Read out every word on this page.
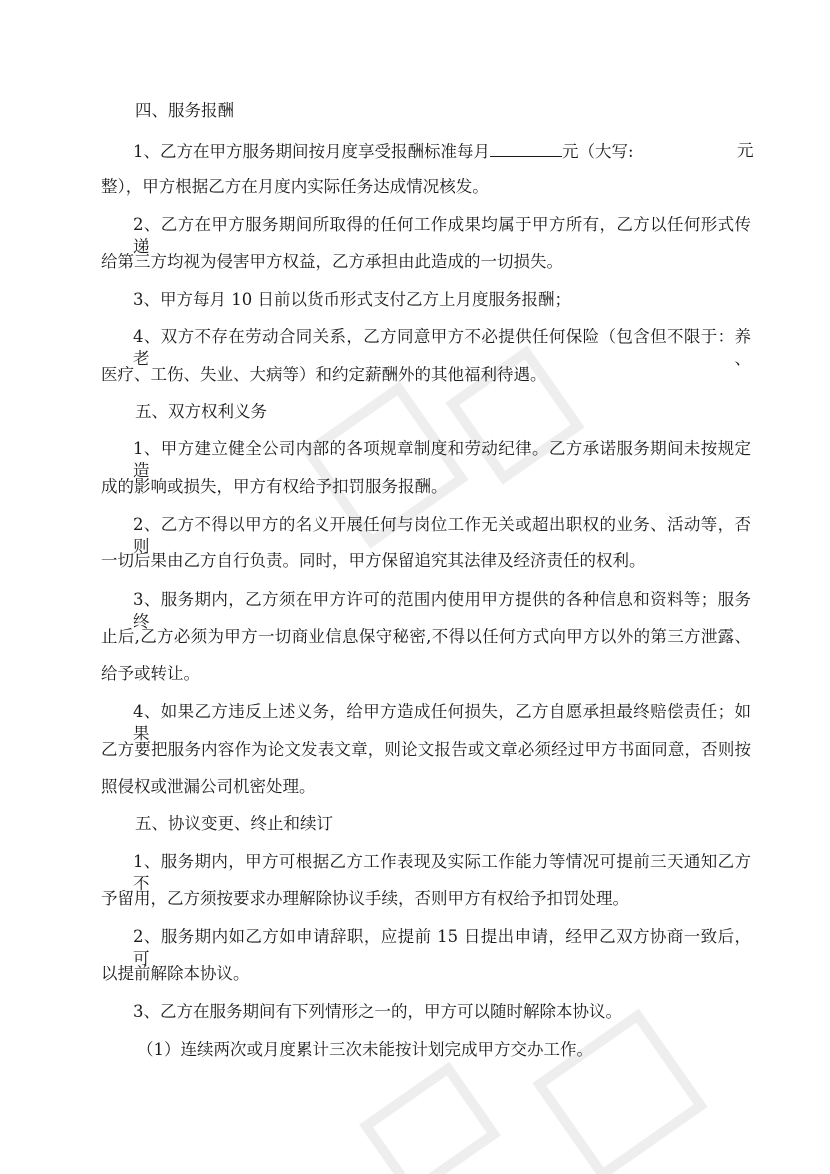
四、服务报酬
1、乙方在甲方服务期间按月度享受报酬标准每月	元（大写:	元
整），甲方根据乙方在月度内实际任务达成情况核发。
2、乙方在甲方服务期间所取得的任何工作成果均属于甲方所有，乙方以任何形式传递
给第三方均视为侵害甲方权益，乙方承担由此造成的一切损失。
3、甲方每月 10 日前以货币形式支付乙方上月度服务报酬；
4、双方不存在劳动合同关系，乙方同意甲方不必提供任何保险（包含但不限于：养老、
医疗、工伤、失业、大病等）和约定薪酬外的其他福利待遇。
五、双方权利义务
1、甲方建立健全公司内部的各项规章制度和劳动纪律。乙方承诺服务期间未按规定造
成的影响或损失，甲方有权给予扣罚服务报酬。
2、乙方不得以甲方的名义开展任何与岗位工作无关或超出职权的业务、活动等，否则
一切后果由乙方自行负责。同时，甲方保留追究其法律及经济责任的权利。
3、服务期内，乙方须在甲方许可的范围内使用甲方提供的各种信息和资料等；服务终
止后,乙方必须为甲方一切商业信息保守秘密,不得以任何方式向甲方以外的第三方泄露、
给予或转让。
4、如果乙方违反上述义务，给甲方造成任何损失，乙方自愿承担最终赔偿责任；如果
乙方要把服务内容作为论文发表文章，则论文报告或文章必须经过甲方书面同意，否则按
照侵权或泄漏公司机密处理。
五、协议变更、终止和续订
1、服务期内，甲方可根据乙方工作表现及实际工作能力等情况可提前三天通知乙方不
予留用，乙方须按要求办理解除协议手续，否则甲方有权给予扣罚处理。
2、服务期内如乙方如申请辞职，应提前 15 日提出申请，经甲乙双方协商一致后，可
以提前解除本协议。
3、乙方在服务期间有下列情形之一的，甲方可以随时解除本协议。
（1）连续两次或月度累计三次未能按计划完成甲方交办工作。
